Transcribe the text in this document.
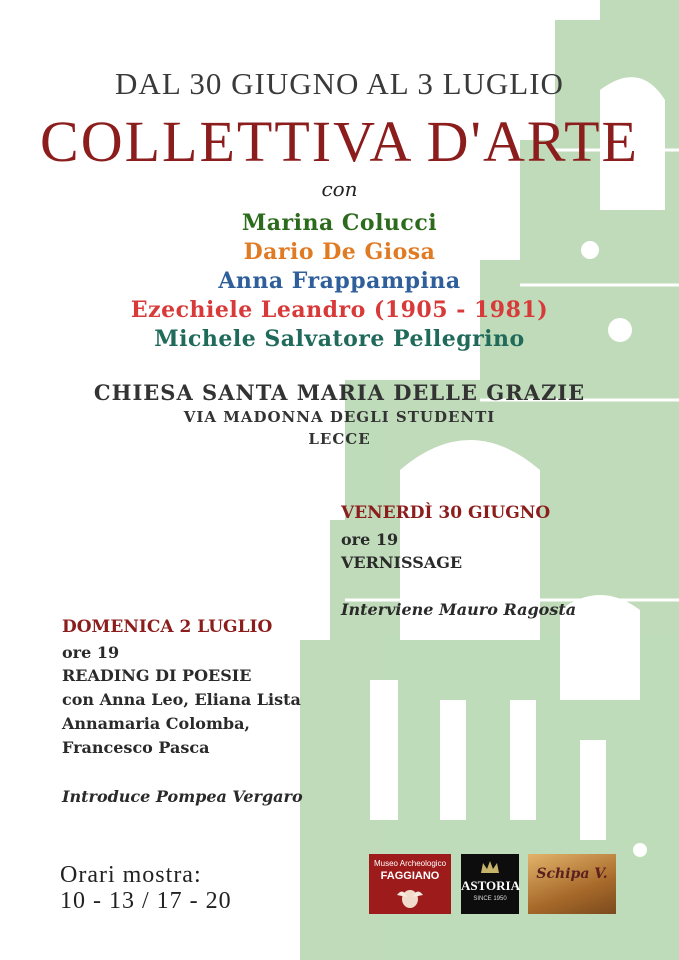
DAL 30 GIUGNO AL 3 LUGLIO
COLLETTIVA D'ARTE
con
Marina Colucci
Dario De Giosa
Anna Frappampina
Ezechiele Leandro (1905 - 1981)
Michele Salvatore Pellegrino
CHIESA SANTA MARIA DELLE GRAZIE
VIA MADONNA DEGLI STUDENTI
LECCE
VENERDÌ 30 GIUGNO
ore 19
VERNISSAGE
Interviene Mauro Ragosta
DOMENICA 2 LUGLIO
ore 19
READING DI POESIE
con Anna Leo, Eliana Lista
Annamaria Colomba,
Francesco Pasca
Introduce Pompea Vergaro
Orari mostra:
10 - 13 / 17 - 20
Museo Archeologico
FAGGIANO
ASTORIA
SINCE 1950
Schipa V.
